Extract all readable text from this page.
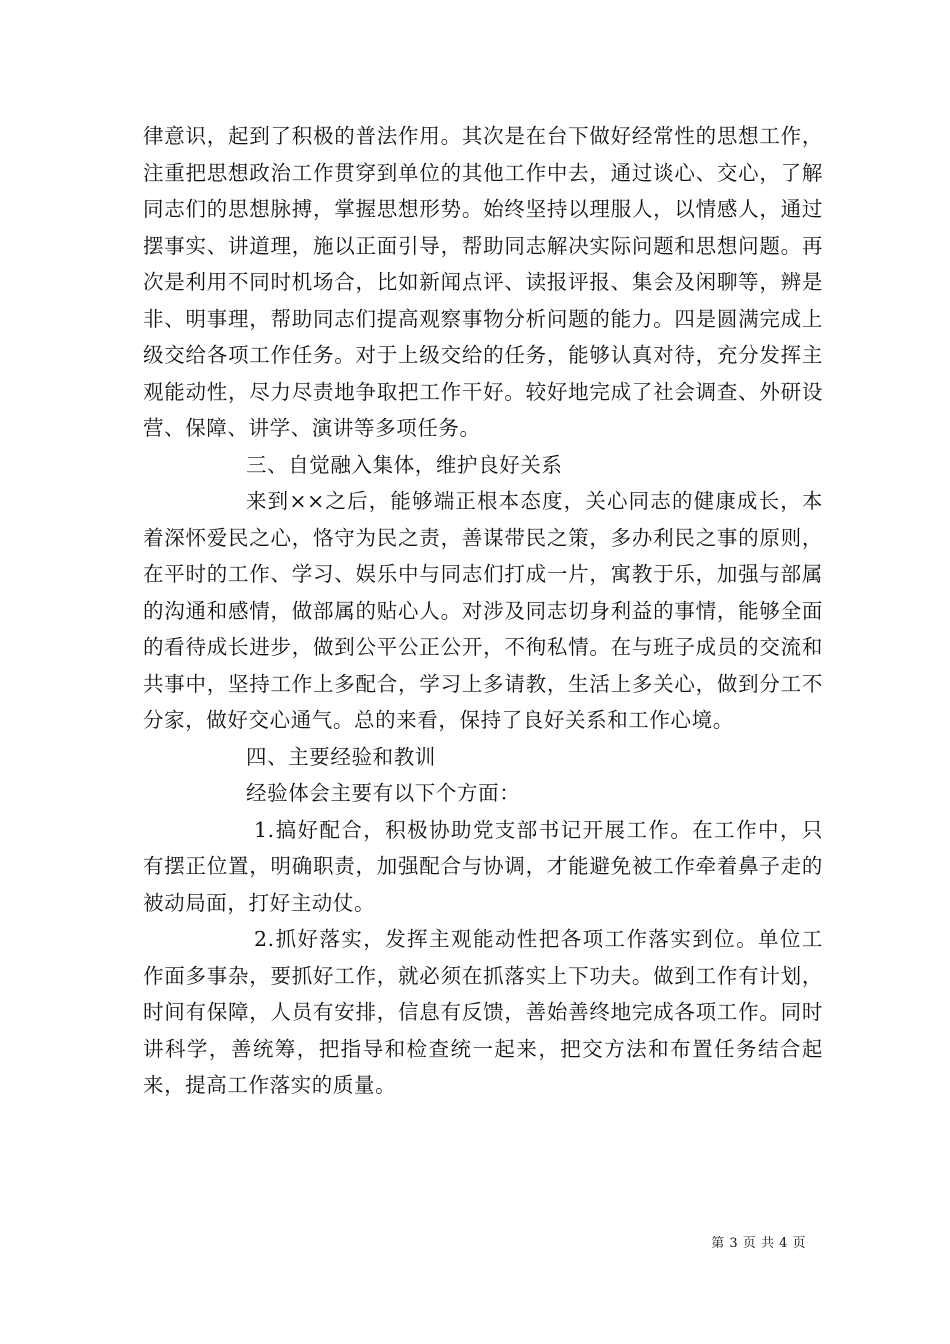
律意识，起到了积极的普法作用。其次是在台下做好经常性的思想工作，注重把思想政治工作贯穿到单位的其他工作中去，通过谈心、交心，了解同志们的思想脉搏，掌握思想形势。始终坚持以理服人，以情感人，通过摆事实、讲道理，施以正面引导，帮助同志解决实际问题和思想问题。再次是利用不同时机场合，比如新闻点评、读报评报、集会及闲聊等，辨是非、明事理，帮助同志们提高观察事物分析问题的能力。四是圆满完成上级交给各项工作任务。对于上级交给的任务，能够认真对待，充分发挥主观能动性，尽力尽责地争取把工作干好。较好地完成了社会调查、外研设营、保障、讲学、演讲等多项任务。

三、自觉融入集体，维护良好关系

来到××之后，能够端正根本态度，关心同志的健康成长，本着深怀爱民之心，恪守为民之责，善谋带民之策，多办利民之事的原则，在平时的工作、学习、娱乐中与同志们打成一片，寓教于乐，加强与部属的沟通和感情，做部属的贴心人。对涉及同志切身利益的事情，能够全面的看待成长进步，做到公平公正公开，不徇私情。在与班子成员的交流和共事中，坚持工作上多配合，学习上多请教，生活上多关心，做到分工不分家，做好交心通气。总的来看，保持了良好关系和工作心境。

四、主要经验和教训

经验体会主要有以下个方面：

1.搞好配合，积极协助党支部书记开展工作。在工作中，只有摆正位置，明确职责，加强配合与协调，才能避免被工作牵着鼻子走的被动局面，打好主动仗。

2.抓好落实，发挥主观能动性把各项工作落实到位。单位工作面多事杂，要抓好工作，就必须在抓落实上下功夫。做到工作有计划，时间有保障，人员有安排，信息有反馈，善始善终地完成各项工作。同时讲科学，善统筹，把指导和检查统一起来，把交方法和布置任务结合起来，提高工作落实的质量。

第 3 页 共 4 页
